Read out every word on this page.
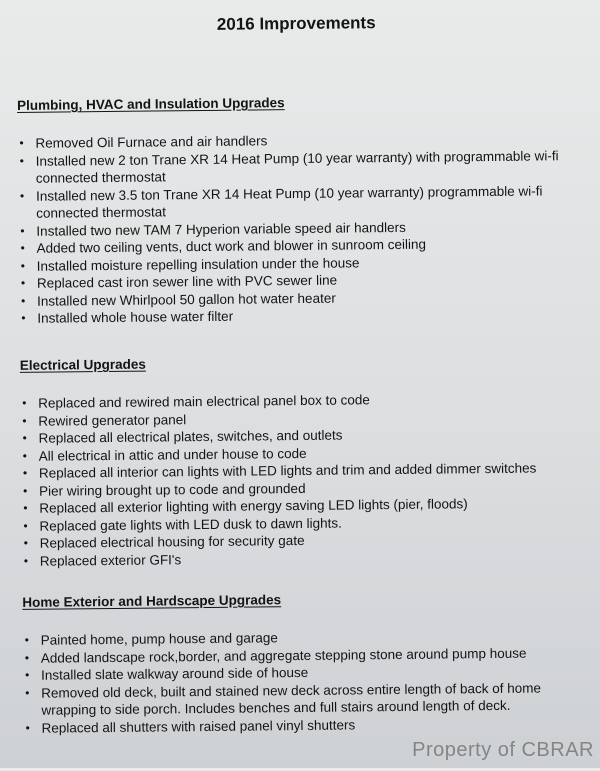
2016 Improvements
Plumbing, HVAC and Insulation Upgrades
• Removed Oil Furnace and air handlers
• Installed new 2 ton Trane XR 14 Heat Pump (10 year warranty) with programmable wi-fi connected thermostat
• Installed new 3.5 ton Trane XR 14 Heat Pump (10 year warranty) programmable wi-fi connected thermostat
• Installed two new TAM 7 Hyperion variable speed air handlers
• Added two ceiling vents, duct work and blower in sunroom ceiling
• Installed moisture repelling insulation under the house
• Replaced cast iron sewer line with PVC sewer line
• Installed new Whirlpool 50 gallon hot water heater
• Installed whole house water filter
Electrical Upgrades
• Replaced and rewired main electrical panel box to code
• Rewired generator panel
• Replaced all electrical plates, switches, and outlets
• All electrical in attic and under house to code
• Replaced all interior can lights with LED lights and trim and added dimmer switches
• Pier wiring brought up to code and grounded
• Replaced all exterior lighting with energy saving LED lights (pier, floods)
• Replaced gate lights with LED dusk to dawn lights.
• Replaced electrical housing for security gate
• Replaced exterior GFI's
Home Exterior and Hardscape Upgrades
• Painted home, pump house and garage
• Added landscape rock,border, and aggregate stepping stone around pump house
• Installed slate walkway around side of house
• Removed old deck, built and stained new deck across entire length of back of home wrapping to side porch. Includes benches and full stairs around length of deck.
• Replaced all shutters with raised panel vinyl shutters
Property of CBRAR
